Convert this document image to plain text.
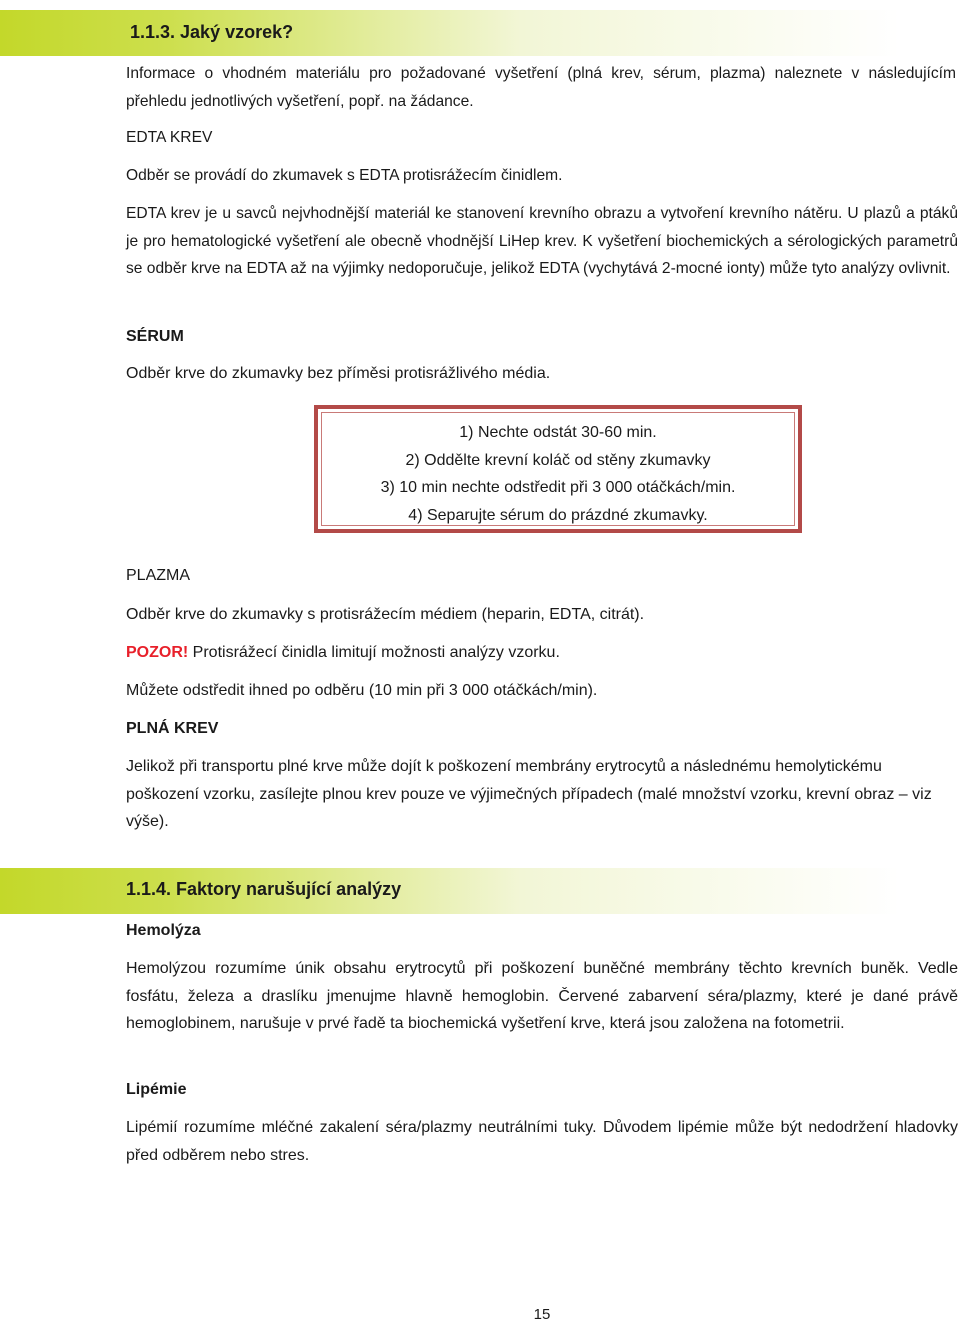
1.1.3. Jaký vzorek?

Informace o vhodném materiálu pro požadované vyšetření (plná krev, sérum, plazma) naleznete v následujícím přehledu jednotlivých vyšetření, popř. na žádance.

EDTA KREV

Odběr se provádí do zkumavek s EDTA protisrážecím činidlem.

EDTA krev je u savců nejvhodnější materiál ke stanovení krevního obrazu a vytvoření krevního nátěru. U plazů a ptáků je pro hematologické vyšetření ale obecně vhodnější LiHep krev. K vyšetření biochemických a sérologických parametrů se odběr krve na EDTA až na výjimky nedoporučuje, jelikož EDTA (vychytává 2-mocné ionty) může tyto analýzy ovlivnit.

SÉRUM

Odběr krve do zkumavky bez příměsi protisrážlivého média.

1) Nechte odstát 30-60 min.
2) Oddělte krevní koláč od stěny zkumavky
3) 10 min nechte odstředit při 3 000 otáčkách/min.
4) Separujte sérum do prázdné zkumavky.

PLAZMA

Odběr krve do zkumavky s protisrážecím médiem (heparin, EDTA, citrát).

POZOR! Protisrážecí činidla limitují možnosti analýzy vzorku.

Můžete odstředit ihned po odběru (10 min při 3 000 otáčkách/min).

PLNÁ KREV

Jelikož při transportu plné krve může dojít k poškození membrány erytrocytů a následnému hemolytickému poškození vzorku, zasílejte plnou krev pouze ve výjimečných případech (malé množství vzorku, krevní obraz – viz výše).

1.1.4. Faktory narušující analýzy

Hemolýza

Hemolýzou rozumíme únik obsahu erytrocytů při poškození buněčné membrány těchto krevních buněk. Vedle fosfátu, železa a draslíku jmenujme hlavně hemoglobin. Červené zabarvení séra/plazmy, které je dané právě hemoglobinem, narušuje v prvé řadě ta biochemická vyšetření krve, která jsou založena na fotometrii.

Lipémie

Lipémií rozumíme mléčné zakalení séra/plazmy neutrálními tuky. Důvodem lipémie může být nedodržení hladovky před odběrem nebo stres.

15
